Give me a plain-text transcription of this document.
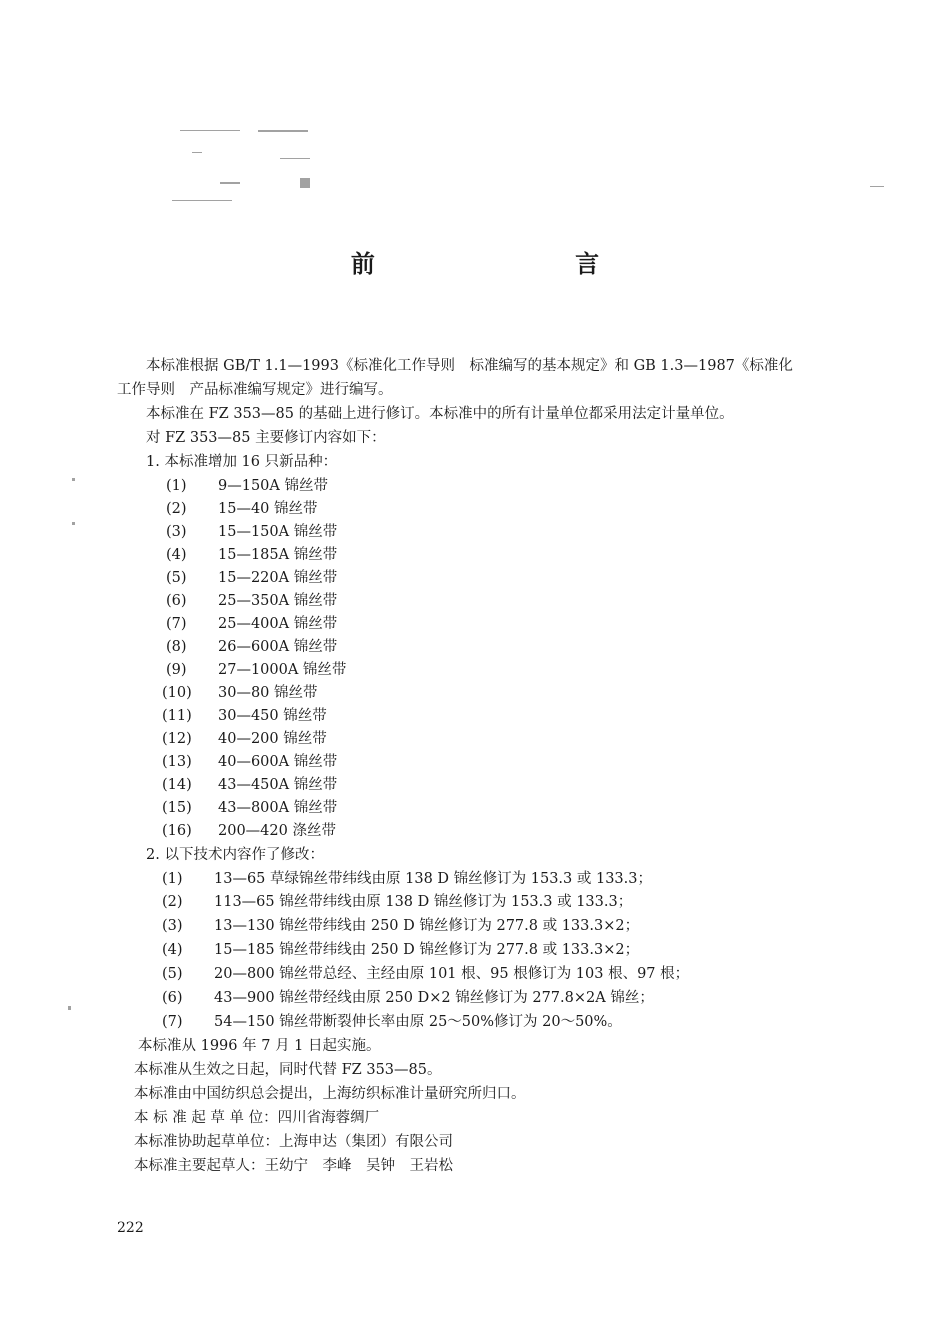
前 言
本标准根据 GB/T 1.1—1993《标准化工作导则　标准编写的基本规定》和 GB 1.3—1987《标准化
工作导则　产品标准编写规定》进行编写。
本标准在 FZ 353—85 的基础上进行修订。本标准中的所有计量单位都采用法定计量单位。
对 FZ 353—85 主要修订内容如下：
1. 本标准增加 16 只新品种：
(1) 9—150A 锦丝带
(2) 15—40 锦丝带
(3) 15—150A 锦丝带
(4) 15—185A 锦丝带
(5) 15—220A 锦丝带
(6) 25—350A 锦丝带
(7) 25—400A 锦丝带
(8) 26—600A 锦丝带
(9) 27—1000A 锦丝带
(10) 30—80 锦丝带
(11) 30—450 锦丝带
(12) 40—200 锦丝带
(13) 40—600A 锦丝带
(14) 43—450A 锦丝带
(15) 43—800A 锦丝带
(16) 200—420 涤丝带
2. 以下技术内容作了修改：
(1) 13—65 草绿锦丝带纬线由原 138 D 锦丝修订为 153.3 或 133.3；
(2) 113—65 锦丝带纬线由原 138 D 锦丝修订为 153.3 或 133.3；
(3) 13—130 锦丝带纬线由 250 D 锦丝修订为 277.8 或 133.3×2；
(4) 15—185 锦丝带纬线由 250 D 锦丝修订为 277.8 或 133.3×2；
(5) 20—800 锦丝带总经、主经由原 101 根、95 根修订为 103 根、97 根；
(6) 43—900 锦丝带经线由原 250 D×2 锦丝修订为 277.8×2A 锦丝；
(7) 54—150 锦丝带断裂伸长率由原 25～50%修订为 20～50%。
本标准从 1996 年 7 月 1 日起实施。
本标准从生效之日起，同时代替 FZ 353—85。
本标准由中国纺织总会提出，上海纺织标准计量研究所归口。
本 标 准 起 草 单 位：四川省海蓉绸厂
本标准协助起草单位：上海申达（集团）有限公司
本标准主要起草人：王幼宁　李峰　吴钟　王岩松
222
